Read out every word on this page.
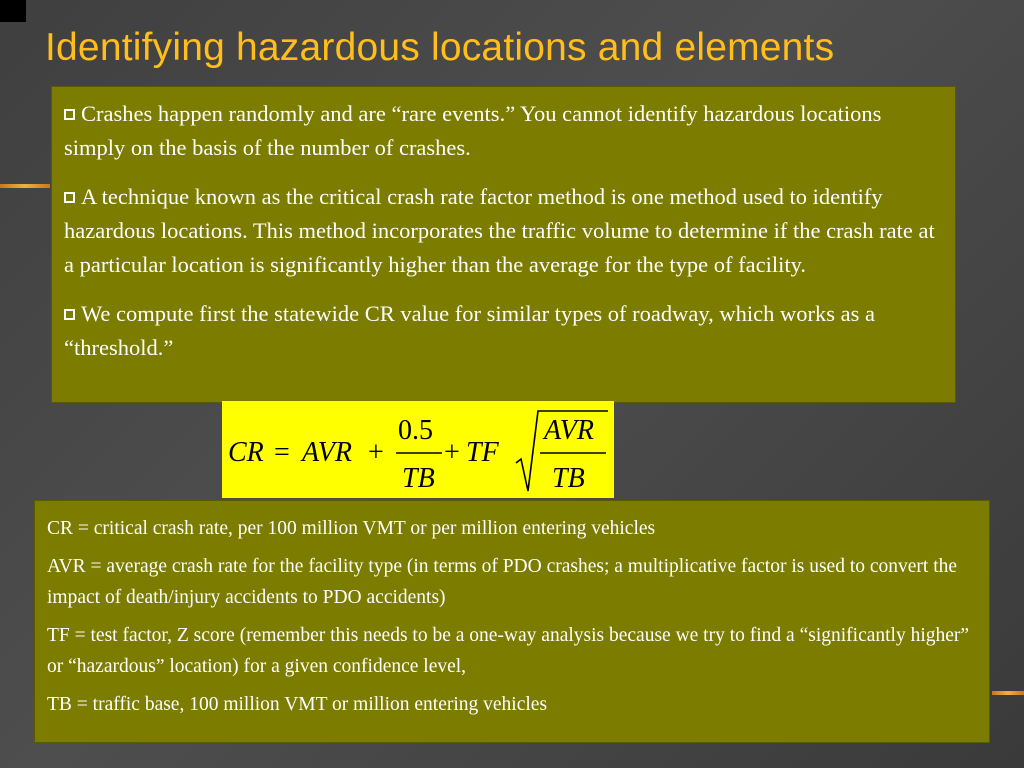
Identifying hazardous locations and elements

Crashes happen randomly and are “rare events.” You cannot identify hazardous locations simply on the basis of the number of crashes.

A technique known as the critical crash rate factor method is one method used to identify hazardous locations. This method incorporates the traffic volume to determine if the crash rate at a particular location is significantly higher than the average for the type of facility.

We compute first the statewide CR value for similar types of roadway, which works as a “threshold.”

CR = AVR +
0.5
TB
+ TF
AVR
TB

CR = critical crash rate, per 100 million VMT or per million entering vehicles

AVR = average crash rate for the facility type (in terms of PDO crashes; a multiplicative factor is used to convert the impact of death/injury accidents to PDO accidents)

TF = test factor, Z score (remember this needs to be a one-way analysis because we try to find a “significantly higher” or “hazardous” location) for a given confidence level,

TB = traffic base, 100 million VMT or million entering vehicles
